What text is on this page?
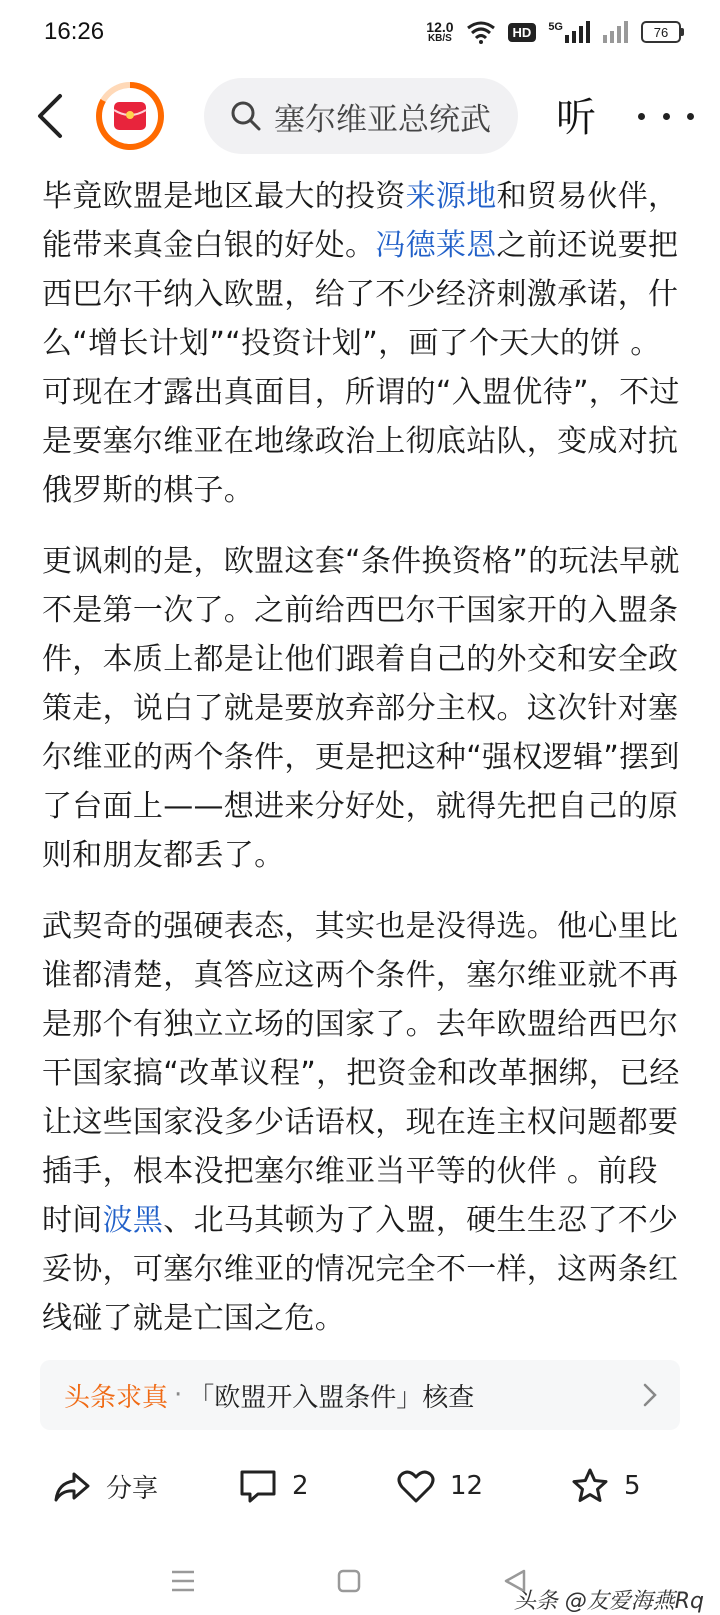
16:26	12.0
KB/S	HD	5G	76
塞尔维亚总统武 听

毕竟欧盟是地区最大的投资来源地和贸易伙伴，能带来真金白银的好处。冯德莱恩之前还说要把西巴尔干纳入欧盟，给了不少经济刺激承诺，什么“增长计划”“投资计划”，画了个天大的饼 。可现在才露出真面目，所谓的“入盟优待”，不过是要塞尔维亚在地缘政治上彻底站队，变成对抗俄罗斯的棋子。

更讽刺的是，欧盟这套“条件换资格”的玩法早就不是第一次了。之前给西巴尔干国家开的入盟条件，本质上都是让他们跟着自己的外交和安全政策走，说白了就是要放弃部分主权。这次针对塞尔维亚的两个条件，更是把这种“强权逻辑”摆到了台面上——想进来分好处，就得先把自己的原则和朋友都丢了。

武契奇的强硬表态，其实也是没得选。他心里比谁都清楚，真答应这两个条件，塞尔维亚就不再是那个有独立立场的国家了。去年欧盟给西巴尔干国家搞“改革议程”，把资金和改革捆绑，已经让这些国家没多少话语权，现在连主权问题都要插手，根本没把塞尔维亚当平等的伙伴 。前段时间波黑、北马其顿为了入盟，硬生生忍了不少妥协，可塞尔维亚的情况完全不一样，这两条红线碰了就是亡国之危。

头条求真 · 「欧盟开入盟条件」核查
分享	2	12	5
头条 @友爱海燕Rq
